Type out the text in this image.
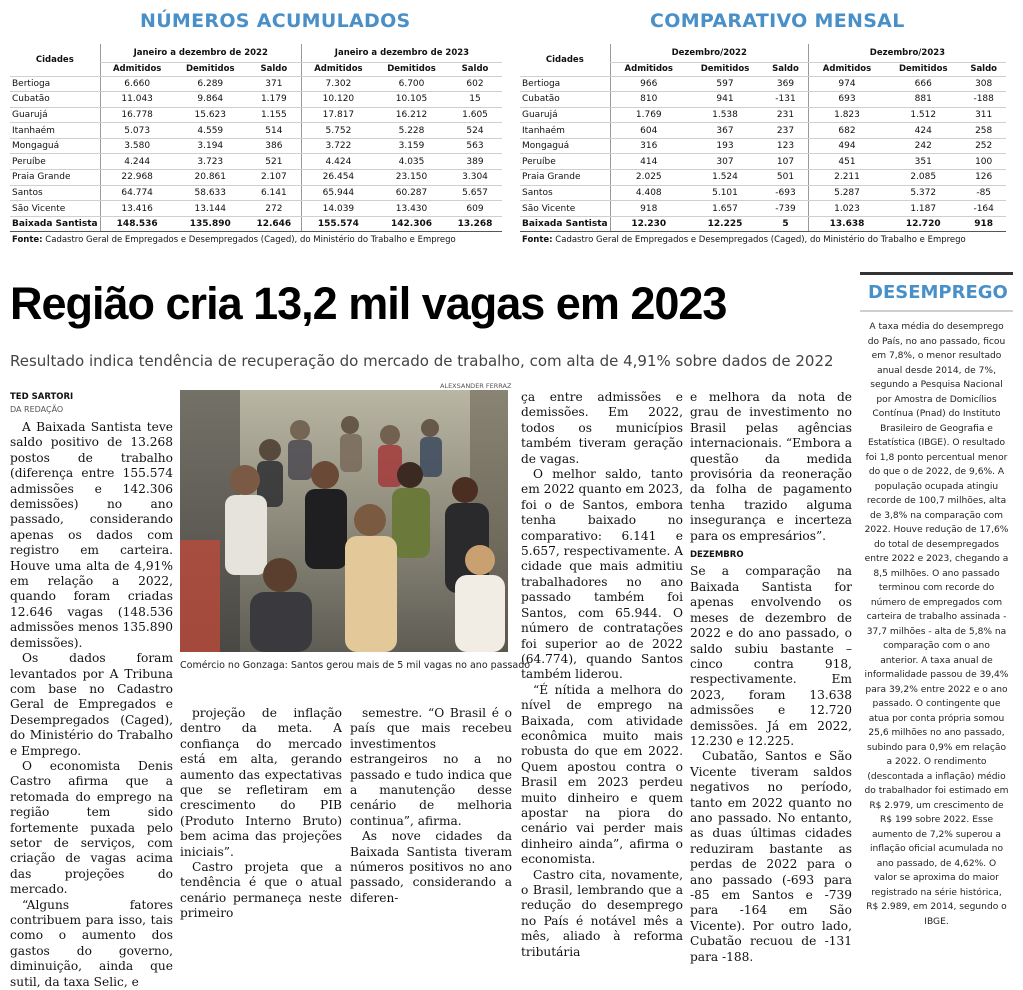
NÚMEROS ACUMULADOS	COMPARATIVO MENSAL
Cidades	Janeiro a dezembro de 2022			Janeiro a dezembro de 2023		
	Admitidos	Demitidos	Saldo	Admitidos	Demitidos	Saldo
Bertioga	6.660	6.289	371	7.302	6.700	602
Cubatão	11.043	9.864	1.179	10.120	10.105	15
Guarujá	16.778	15.623	1.155	17.817	16.212	1.605
Itanhaém	5.073	4.559	514	5.752	5.228	524
Mongaguá	3.580	3.194	386	3.722	3.159	563
Peruíbe	4.244	3.723	521	4.424	4.035	389
Praia Grande	22.968	20.861	2.107	26.454	23.150	3.304
Santos	64.774	58.633	6.141	65.944	60.287	5.657
São Vicente	13.416	13.144	272	14.039	13.430	609
Baixada Santista	148.536	135.890	12.646	155.574	142.306	13.268
Fonte: Cadastro Geral de Empregados e Desempregados (Caged), do Ministério do Trabalho e Emprego						
Cidades	Dezembro/2022			Dezembro/2023		
	Admitidos	Demitidos	Saldo	Admitidos	Demitidos	Saldo
Bertioga	966	597	369	974	666	308
Cubatão	810	941	-131	693	881	-188
Guarujá	1.769	1.538	231	1.823	1.512	311
Itanhaém	604	367	237	682	424	258
Mongaguá	316	193	123	494	242	252
Peruíbe	414	307	107	451	351	100
Praia Grande	2.025	1.524	501	2.211	2.085	126
Santos	4.408	5.101	-693	5.287	5.372	-85
São Vicente	918	1.657	-739	1.023	1.187	-164
Baixada Santista	12.230	12.225	5	13.638	12.720	918
Fonte: Cadastro Geral de Empregados e Desempregados (Caged), do Ministério do Trabalho e Emprego						
Região cria 13,2 mil vagas em 2023
Resultado indica tendência de recuperação do mercado de trabalho, com alta de 4,91% sobre dados de 2022
TED SARTORI
DA REDAÇÃO

A Baixada Santista teve saldo positivo de 13.268 postos de trabalho (diferença entre 155.574 admissões e 142.306 demissões) no ano passado, considerando apenas os dados com registro em carteira. Houve uma alta de 4,91% em relação a 2022, quando foram criadas 12.646 vagas (148.536 admissões menos 135.890 demissões).

Os dados foram levantados por A Tribuna com base no Cadastro Geral de Empregados e Desempregados (Caged), do Ministério do Trabalho e Emprego.

O economista Denis Castro afirma que a retomada do emprego na região tem sido fortemente puxada pelo setor de serviços, com criação de vagas acima das projeções do mercado.

“Alguns fatores contribuem para isso, tais como o aumento dos gastos do governo, diminuição, ainda que sutil, da taxa Selic, e

projeção de inflação dentro da meta. A confiança do mercado está em alta, gerando aumento das expectativas que se refletiram em crescimento do PIB (Produto Interno Bruto) bem acima das projeções iniciais”.

Castro projeta que a tendência é que o atual cenário permaneça neste primeiro

semestre. “O Brasil é o país que mais recebeu investimentos estrangeiros no a no passado e tudo indica que a manutenção desse cenário de melhoria continua”, afirma.

As nove cidades da Baixada Santista tiveram números positivos no ano passado, considerando a diferen-

ça entre admissões e demissões. Em 2022, todos os municípios também tiveram geração de vagas.

O melhor saldo, tanto em 2022 quanto em 2023, foi o de Santos, embora tenha baixado no comparativo: 6.141 e 5.657, respectivamente. A cidade que mais admitiu trabalhadores no ano passado também foi Santos, com 65.944. O número de contratações foi superior ao de 2022 (64.774), quando Santos também liderou.

“É nítida a melhora do nível de emprego na Baixada, com atividade econômica muito mais robusta do que em 2022. Quem apostou contra o Brasil em 2023 perdeu muito dinheiro e quem apostar na piora do cenário vai perder mais dinheiro ainda”, afirma o economista.

Castro cita, novamente, o Brasil, lembrando que a redução do desemprego no País é notável mês a mês, aliado à reforma tributária

e melhora da nota de grau de investimento no Brasil pelas agências internacionais. “Embora a questão da medida provisória da reoneração da folha de pagamento tenha trazido alguma insegurança e incerteza para os empresários”.

DEZEMBRO

Se a comparação na Baixada Santista for apenas envolvendo os meses de dezembro de 2022 e do ano passado, o saldo subiu bastante – cinco contra 918, respectivamente. Em 2023, foram 13.638 admissões e 12.720 demissões. Já em 2022, 12.230 e 12.225.

Cubatão, Santos e São Vicente tiveram saldos negativos no período, tanto em 2022 quanto no ano passado. No entanto, as duas últimas cidades reduziram bastante as perdas de 2022 para o ano passado (-693 para -85 em Santos e -739 para -164 em São Vicente). Por outro lado, Cubatão recuou de -131 para -188.

ALEXSANDER FERRAZ
Comércio no Gonzaga: Santos gerou mais de 5 mil vagas no ano passado
DESEMPREGO
A taxa média do desemprego do País, no ano passado, ficou em 7,8%, o menor resultado anual desde 2014, de 7%, segundo a Pesquisa Nacional por Amostra de Domicílios Contínua (Pnad) do Instituto Brasileiro de Geografia e Estatística (IBGE). O resultado foi 1,8 ponto percentual menor do que o de 2022, de 9,6%. A população ocupada atingiu recorde de 100,7 milhões, alta de 3,8% na comparação com 2022. Houve redução de 17,6% do total de desempregados entre 2022 e 2023, chegando a 8,5 milhões. O ano passado terminou com recorde do número de empregados com carteira de trabalho assinada - 37,7 milhões - alta de 5,8% na comparação com o ano anterior. A taxa anual de informalidade passou de 39,4% para 39,2% entre 2022 e o ano passado. O contingente que atua por conta própria somou 25,6 milhões no ano passado, subindo para 0,9% em relação a 2022. O rendimento (descontada a inflação) médio do trabalhador foi estimado em R$ 2.979, um crescimento de R$ 199 sobre 2022. Esse aumento de 7,2% superou a inflação oficial acumulada no ano passado, de 4,62%. O valor se aproxima do maior registrado na série histórica, R$ 2.989, em 2014, segundo o IBGE.
